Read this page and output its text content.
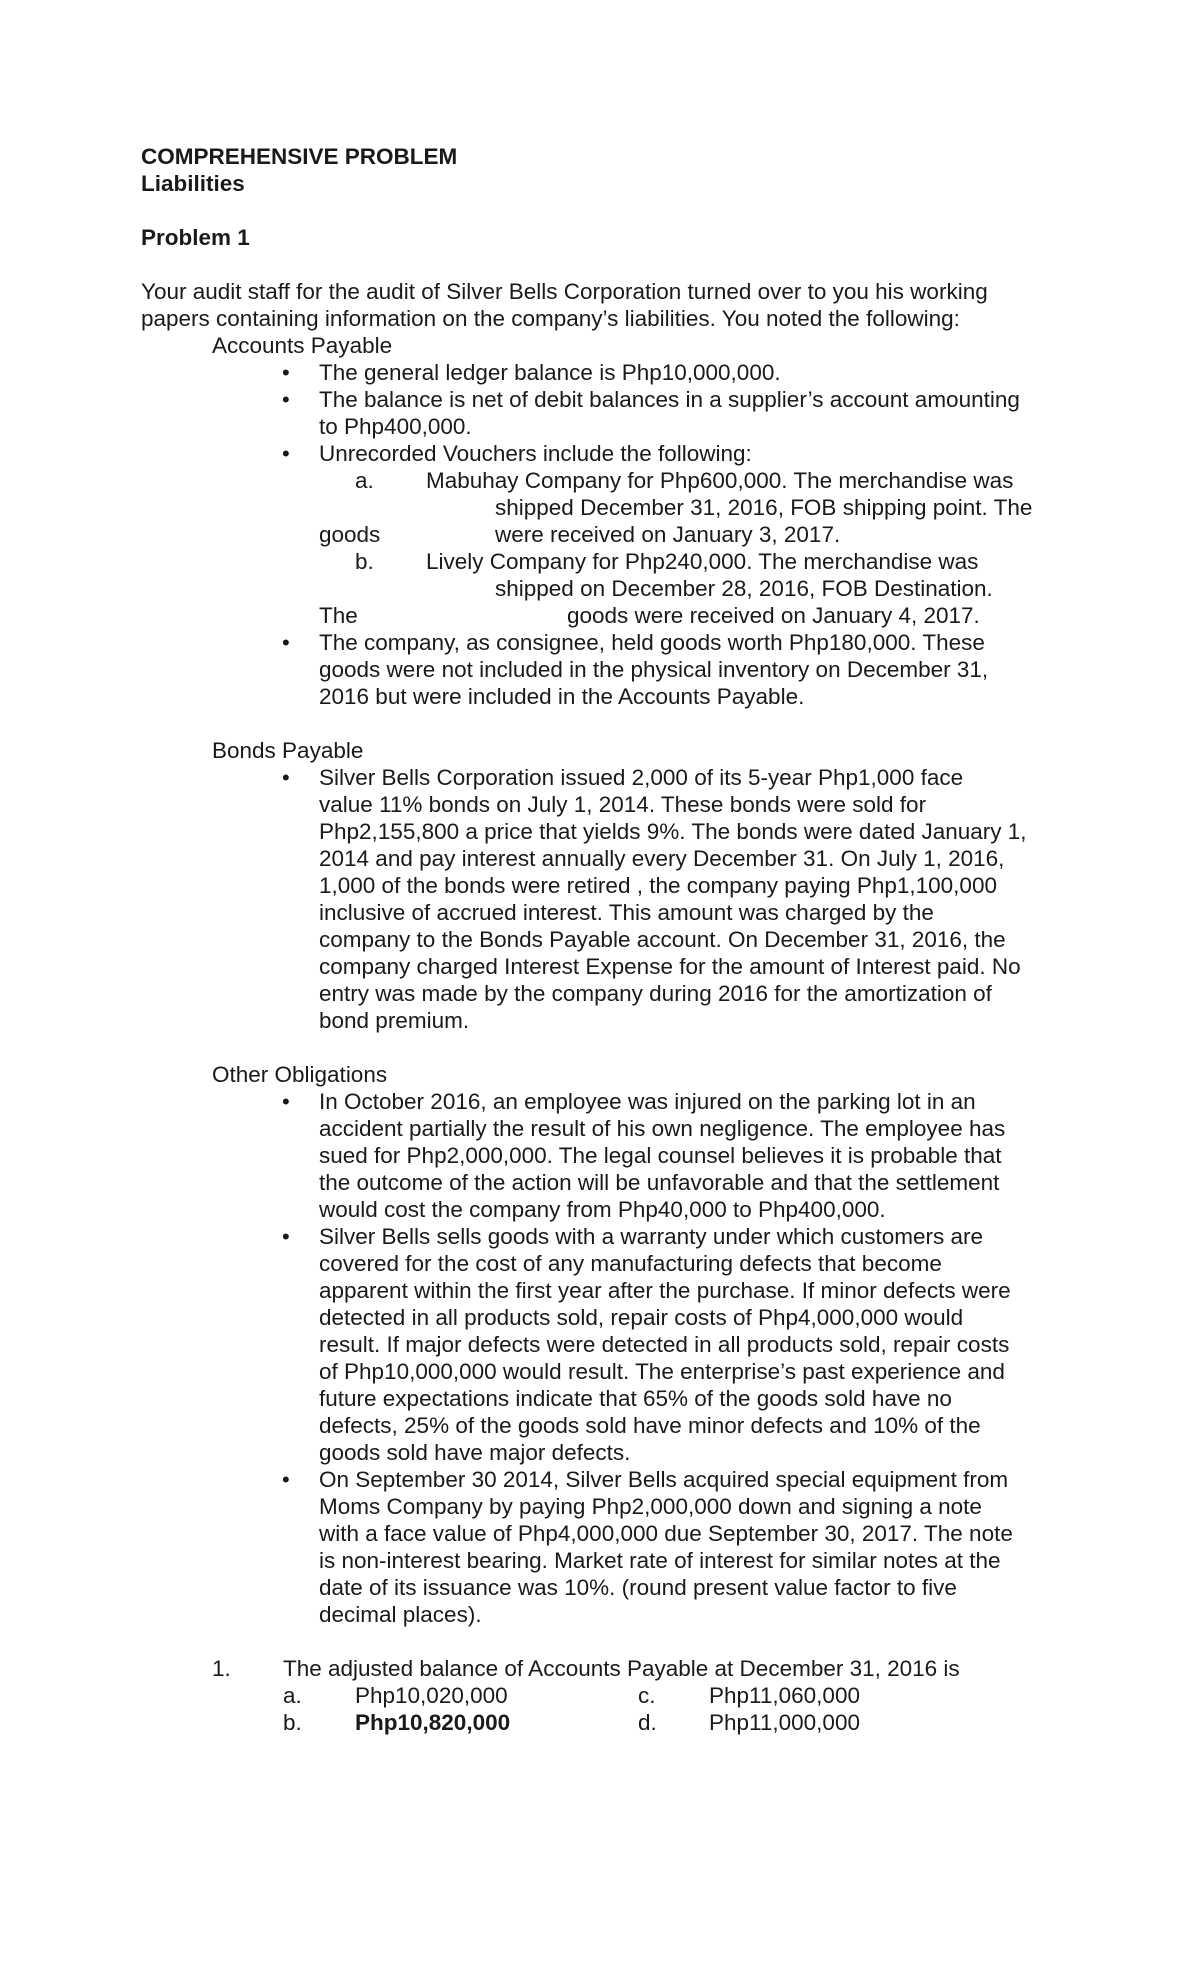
COMPREHENSIVE PROBLEM
Liabilities
Problem 1
Your audit staff for the audit of Silver Bells Corporation turned over to you his working
papers containing information on the company’s liabilities. You noted the following:
Accounts Payable
• The general ledger balance is Php10,000,000.
• The balance is net of debit balances in a supplier’s account amounting
to Php400,000.
• Unrecorded Vouchers include the following:
a. Mabuhay Company for Php600,000. The merchandise was
shipped December 31, 2016, FOB shipping point. The
goods	were received on January 3, 2017.
b. Lively Company for Php240,000. The merchandise was
shipped on December 28, 2016, FOB Destination.
The	goods were received on January 4, 2017.
• The company, as consignee, held goods worth Php180,000. These
goods were not included in the physical inventory on December 31,
2016 but were included in the Accounts Payable.
Bonds Payable
• Silver Bells Corporation issued 2,000 of its 5-year Php1,000 face
value 11% bonds on July 1, 2014. These bonds were sold for
Php2,155,800 a price that yields 9%. The bonds were dated January 1,
2014 and pay interest annually every December 31. On July 1, 2016,
1,000 of the bonds were retired , the company paying Php1,100,000
inclusive of accrued interest. This amount was charged by the
company to the Bonds Payable account. On December 31, 2016, the
company charged Interest Expense for the amount of Interest paid. No
entry was made by the company during 2016 for the amortization of
bond premium.
Other Obligations
• In October 2016, an employee was injured on the parking lot in an
accident partially the result of his own negligence. The employee has
sued for Php2,000,000. The legal counsel believes it is probable that
the outcome of the action will be unfavorable and that the settlement
would cost the company from Php40,000 to Php400,000.
• Silver Bells sells goods with a warranty under which customers are
covered for the cost of any manufacturing defects that become
apparent within the first year after the purchase. If minor defects were
detected in all products sold, repair costs of Php4,000,000 would
result. If major defects were detected in all products sold, repair costs
of Php10,000,000 would result. The enterprise’s past experience and
future expectations indicate that 65% of the goods sold have no
defects, 25% of the goods sold have minor defects and 10% of the
goods sold have major defects.
• On September 30 2014, Silver Bells acquired special equipment from
Moms Company by paying Php2,000,000 down and signing a note
with a face value of Php4,000,000 due September 30, 2017. The note
is non-interest bearing. Market rate of interest for similar notes at the
date of its issuance was 10%. (round present value factor to five
decimal places).
1. The adjusted balance of Accounts Payable at December 31, 2016 is
a. Php10,020,000	c. Php11,060,000
b. Php10,820,000	d. Php11,000,000
